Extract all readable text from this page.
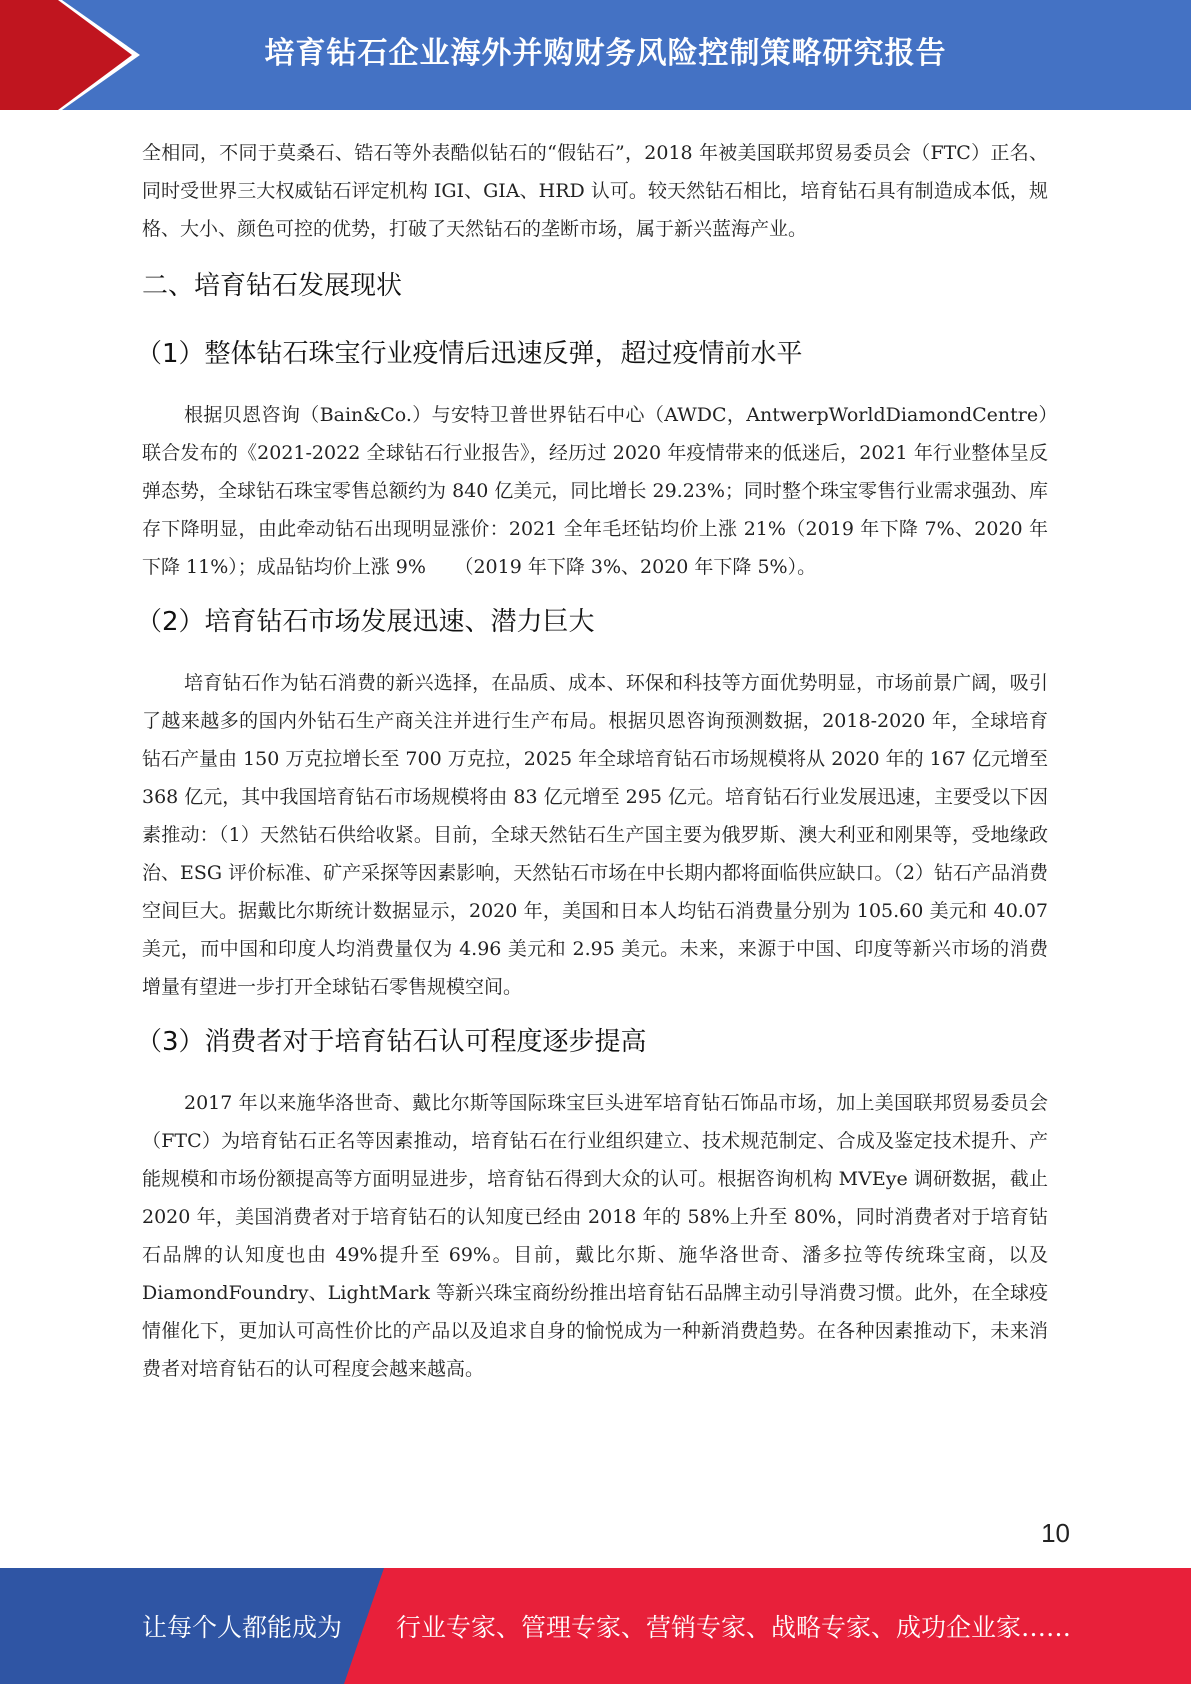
培育钻石企业海外并购财务风险控制策略研究报告

全相同，不同于莫桑石、锆石等外表酷似钻石的“假钻石”，2018 年被美国联邦贸易委员会（FTC）正名、同时受世界三大权威钻石评定机构 IGI、GIA、HRD 认可。较天然钻石相比，培育钻石具有制造成本低，规格、大小、颜色可控的优势，打破了天然钻石的垄断市场，属于新兴蓝海产业。

二、培育钻石发展现状
（1）整体钻石珠宝行业疫情后迅速反弹，超过疫情前水平

根据贝恩咨询（Bain&Co.）与安特卫普世界钻石中心（AWDC，AntwerpWorldDiamondCentre）联合发布的《2021-2022 全球钻石行业报告》，经历过 2020 年疫情带来的低迷后，2021 年行业整体呈反弹态势，全球钻石珠宝零售总额约为 840 亿美元，同比增长 29.23%；同时整个珠宝零售行业需求强劲、库存下降明显，由此牵动钻石出现明显涨价：2021 全年毛坯钻均价上涨 21%（2019 年下降 7%、2020 年下降 11%）；成品钻均价上涨 9%　　（2019 年下降 3%、2020 年下降 5%）。

（2）培育钻石市场发展迅速、潜力巨大

培育钻石作为钻石消费的新兴选择，在品质、成本、环保和科技等方面优势明显，市场前景广阔，吸引了越来越多的国内外钻石生产商关注并进行生产布局。根据贝恩咨询预测数据，2018-2020 年，全球培育钻石产量由 150 万克拉增长至 700 万克拉，2025 年全球培育钻石市场规模将从 2020 年的 167 亿元增至 368 亿元，其中我国培育钻石市场规模将由 83 亿元增至 295 亿元。培育钻石行业发展迅速，主要受以下因素推动：（1）天然钻石供给收紧。目前，全球天然钻石生产国主要为俄罗斯、澳大利亚和刚果等，受地缘政治、ESG 评价标准、矿产采探等因素影响，天然钻石市场在中长期内都将面临供应缺口。（2）钻石产品消费空间巨大。据戴比尔斯统计数据显示，2020 年，美国和日本人均钻石消费量分别为 105.60 美元和 40.07 美元，而中国和印度人均消费量仅为 4.96 美元和 2.95 美元。未来，来源于中国、印度等新兴市场的消费增量有望进一步打开全球钻石零售规模空间。

（3）消费者对于培育钻石认可程度逐步提高

2017 年以来施华洛世奇、戴比尔斯等国际珠宝巨头进军培育钻石饰品市场，加上美国联邦贸易委员会（FTC）为培育钻石正名等因素推动，培育钻石在行业组织建立、技术规范制定、合成及鉴定技术提升、产能规模和市场份额提高等方面明显进步，培育钻石得到大众的认可。根据咨询机构 MVEye 调研数据，截止 2020 年，美国消费者对于培育钻石的认知度已经由 2018 年的 58%上升至 80%，同时消费者对于培育钻石品牌的认知度也由 49%提升至 69%。目前，戴比尔斯、施华洛世奇、潘多拉等传统珠宝商，以及 DiamondFoundry、LightMark 等新兴珠宝商纷纷推出培育钻石品牌主动引导消费习惯。此外，在全球疫情催化下，更加认可高性价比的产品以及追求自身的愉悦成为一种新消费趋势。在各种因素推动下，未来消费者对培育钻石的认可程度会越来越高。

10
让每个人都能成为 行业专家、管理专家、营销专家、战略专家、成功企业家……
